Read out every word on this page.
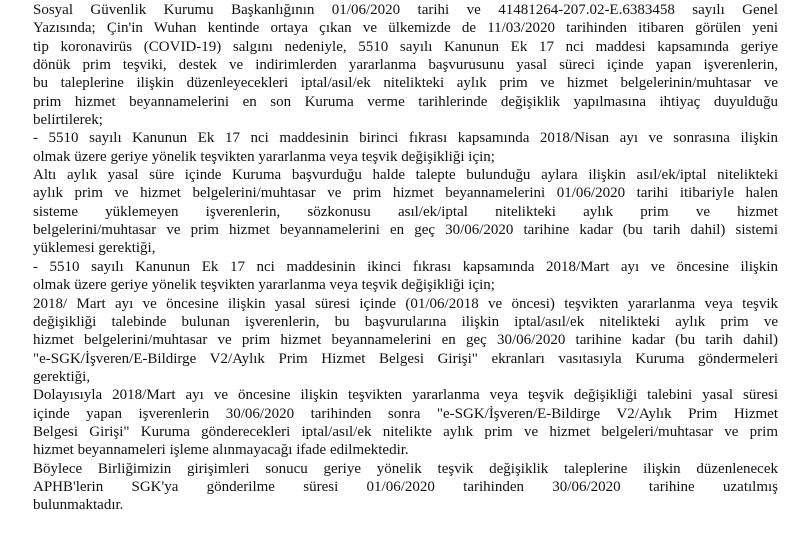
Sosyal Güvenlik Kurumu Başkanlığının 01/06/2020 tarihi ve 41481264-207.02-E.6383458 sayılı Genel
Yazısında; Çin'in Wuhan kentinde ortaya çıkan ve ülkemizde de 11/03/2020 tarihinden itibaren görülen yeni
tip koronavirüs (COVID-19) salgını nedeniyle, 5510 sayılı Kanunun Ek 17 nci maddesi kapsamında geriye
dönük prim teşviki, destek ve indirimlerden yararlanma başvurusunu yasal süreci içinde yapan işverenlerin,
bu taleplerine ilişkin düzenleyecekleri iptal/asıl/ek nitelikteki aylık prim ve hizmet belgelerinin/muhtasar ve
prim hizmet beyannamelerini en son Kuruma verme tarihlerinde değişiklik yapılmasına ihtiyaç duyulduğu
belirtilerek;
- 5510 sayılı Kanunun Ek 17 nci maddesinin birinci fıkrası kapsamında 2018/Nisan ayı ve sonrasına ilişkin
olmak üzere geriye yönelik teşvikten yararlanma veya teşvik değişikliği için;
Altı aylık yasal süre içinde Kuruma başvurduğu halde talepte bulunduğu aylara ilişkin asıl/ek/iptal nitelikteki
aylık prim ve hizmet belgelerini/muhtasar ve prim hizmet beyannamelerini 01/06/2020 tarihi itibariyle halen
sisteme yüklemeyen işverenlerin, sözkonusu asıl/ek/iptal nitelikteki aylık prim ve hizmet
belgelerini/muhtasar ve prim hizmet beyannamelerini en geç 30/06/2020 tarihine kadar (bu tarih dahil) sistemi
yüklemesi gerektiği,
- 5510 sayılı Kanunun Ek 17 nci maddesinin ikinci fıkrası kapsamında 2018/Mart ayı ve öncesine ilişkin
olmak üzere geriye yönelik teşvikten yararlanma veya teşvik değişikliği için;
2018/ Mart ayı ve öncesine ilişkin yasal süresi içinde (01/06/2018 ve öncesi) teşvikten yararlanma veya teşvik
değişikliği talebinde bulunan işverenlerin, bu başvurularına ilişkin iptal/asıl/ek nitelikteki aylık prim ve
hizmet belgelerini/muhtasar ve prim hizmet beyannamelerini en geç 30/06/2020 tarihine kadar (bu tarih dahil)
"e-SGK/İşveren/E-Bildirge V2/Aylık Prim Hizmet Belgesi Girişi" ekranları vasıtasıyla Kuruma göndermeleri
gerektiği,
Dolayısıyla 2018/Mart ayı ve öncesine ilişkin teşvikten yararlanma veya teşvik değişikliği talebini yasal süresi
içinde yapan işverenlerin 30/06/2020 tarihinden sonra "e-SGK/İşveren/E-Bildirge V2/Aylık Prim Hizmet
Belgesi Girişi" Kuruma gönderecekleri iptal/asıl/ek nitelikte aylık prim ve hizmet belgeleri/muhtasar ve prim
hizmet beyannameleri işleme alınmayacağı ifade edilmektedir.
Böylece Birliğimizin girişimleri sonucu geriye yönelik teşvik değişiklik taleplerine ilişkin düzenlenecek
APHB'lerin SGK'ya gönderilme süresi 01/06/2020 tarihinden 30/06/2020 tarihine uzatılmış
bulunmaktadır.
